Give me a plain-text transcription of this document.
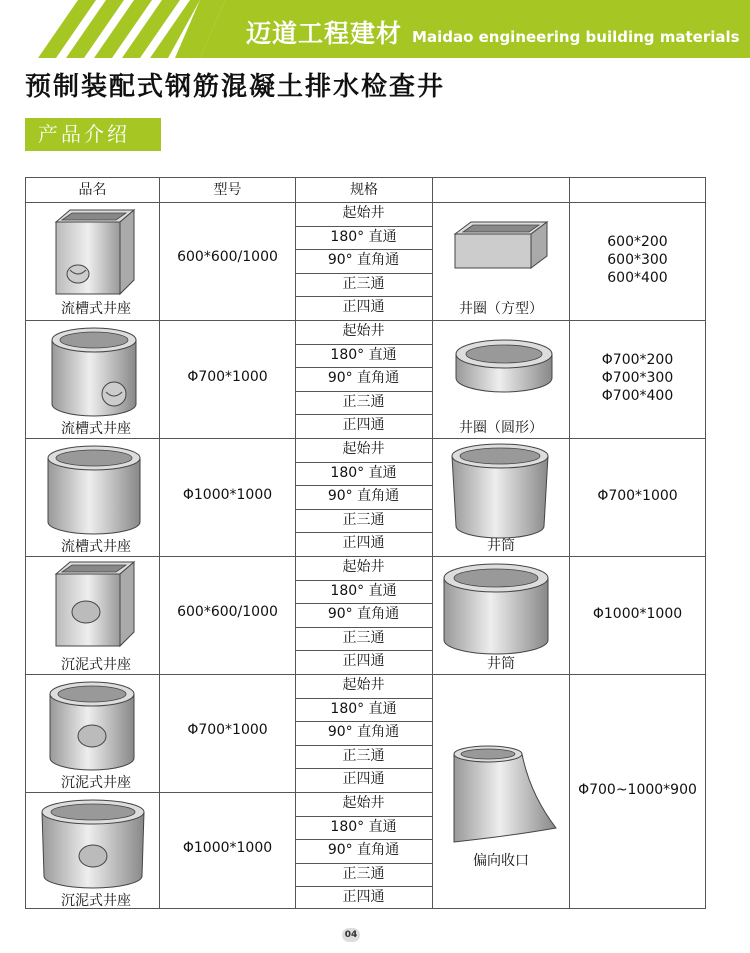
迈道工程建材 Maidao engineering building materials
预制装配式钢筋混凝土排水检查井
产品介绍
品名	型号	规格
流槽式井座
600*600/1000
井圈（方型）
600*200
600*300
600*400
流槽式井座
Φ700*1000
井圈（圆形）
Φ700*200
Φ700*300
Φ700*400
流槽式井座
Φ1000*1000
井筒
Φ700*1000
沉泥式井座
600*600/1000
井筒
Φ1000*1000
沉泥式井座
Φ700*1000
沉泥式井座
Φ1000*1000
偏向收口
Φ700~1000*900
起始井
180° 直通
90° 直角通
正三通
正四通
起始井
180° 直通
90° 直角通
正三通
正四通
起始井
180° 直通
90° 直角通
正三通
正四通
起始井
180° 直通
90° 直角通
正三通
正四通
起始井
180° 直通
90° 直角通
正三通
正四通
起始井
180° 直通
90° 直角通
正三通
正四通
04
